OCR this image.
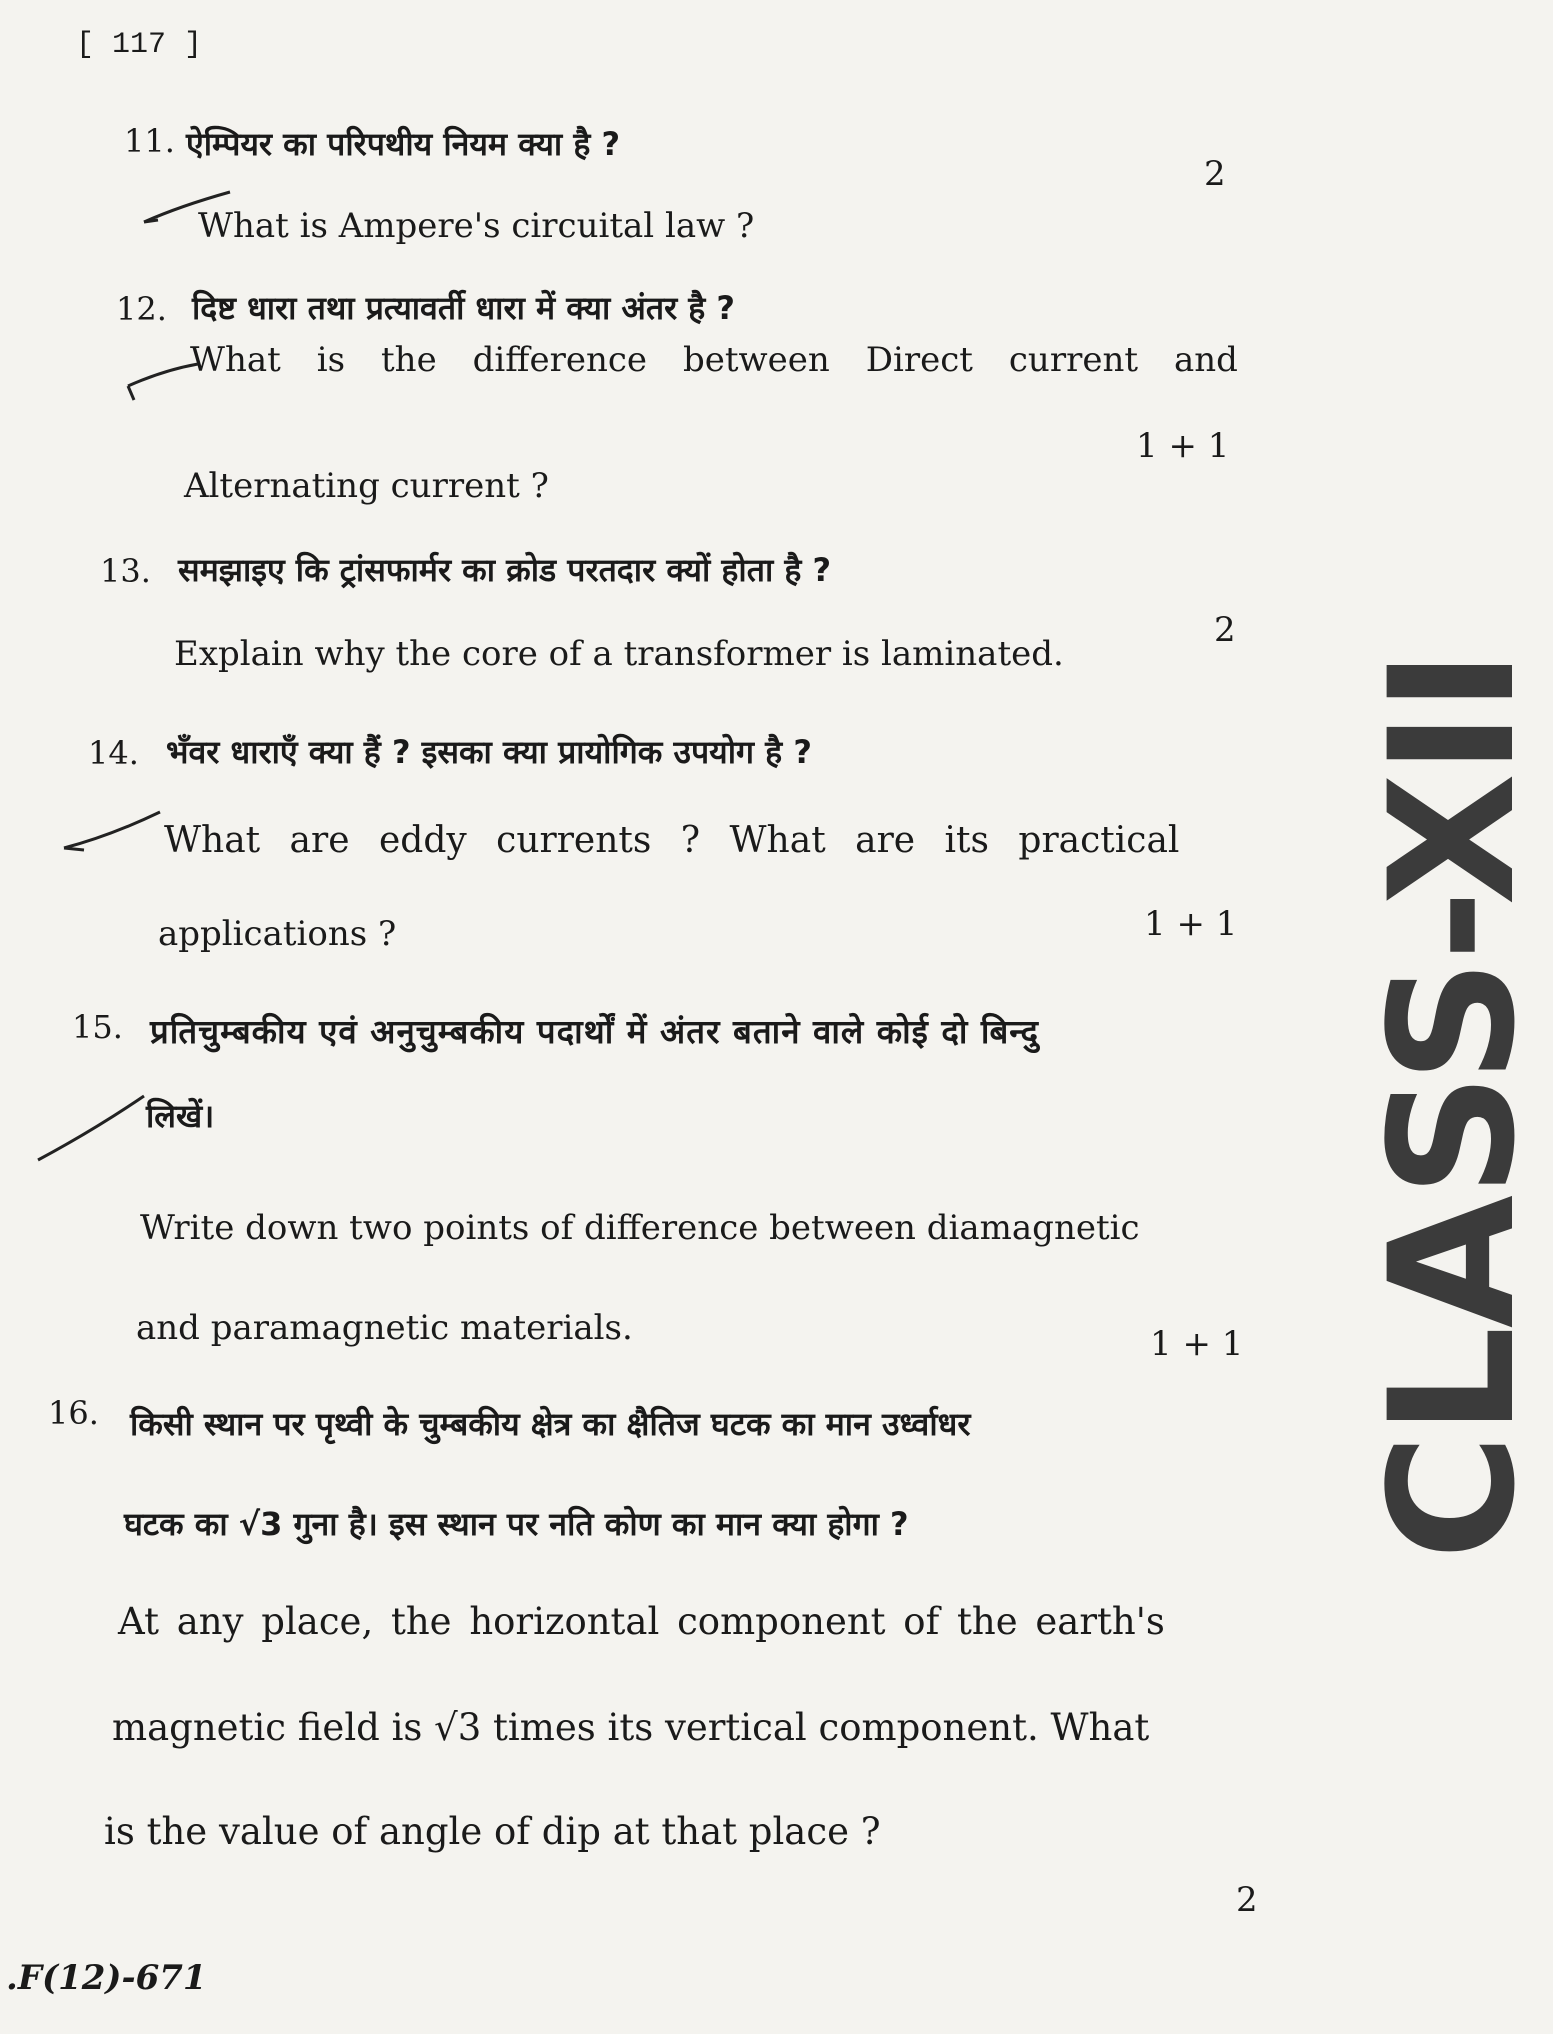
[ 117 ]
11. ऐम्पियर का परिपथीय नियम क्या है ?
2
What is Ampere's circuital law ?
12. दिष्ट धारा तथा प्रत्यावर्ती धारा में क्या अंतर है ?
What is the difference between Direct current and
1 + 1
Alternating current ?
13. समझाइए कि ट्रांसफार्मर का क्रोड परतदार क्यों होता है ?
Explain why the core of a transformer is laminated.
2
14. भँवर धाराएँ क्या हैं ? इसका क्या प्रायोगिक उपयोग है ?
What are eddy currents ? What are its practical
applications ?	1 + 1
15. प्रतिचुम्बकीय एवं अनुचुम्बकीय पदार्थों में अंतर बताने वाले कोई दो बिन्दु
लिखें।
Write down two points of difference between diamagnetic
and paramagnetic materials.	1 + 1
16. किसी स्थान पर पृथ्वी के चुम्बकीय क्षेत्र का क्षैतिज घटक का मान उर्ध्वाधर
घटक का √3 गुना है। इस स्थान पर नति कोण का मान क्या होगा ?
At any place, the horizontal component of the earth's
magnetic field is √3 times its vertical component. What
is the value of angle of dip at that place ?
2
.F(12)-671
CLASS-XII
